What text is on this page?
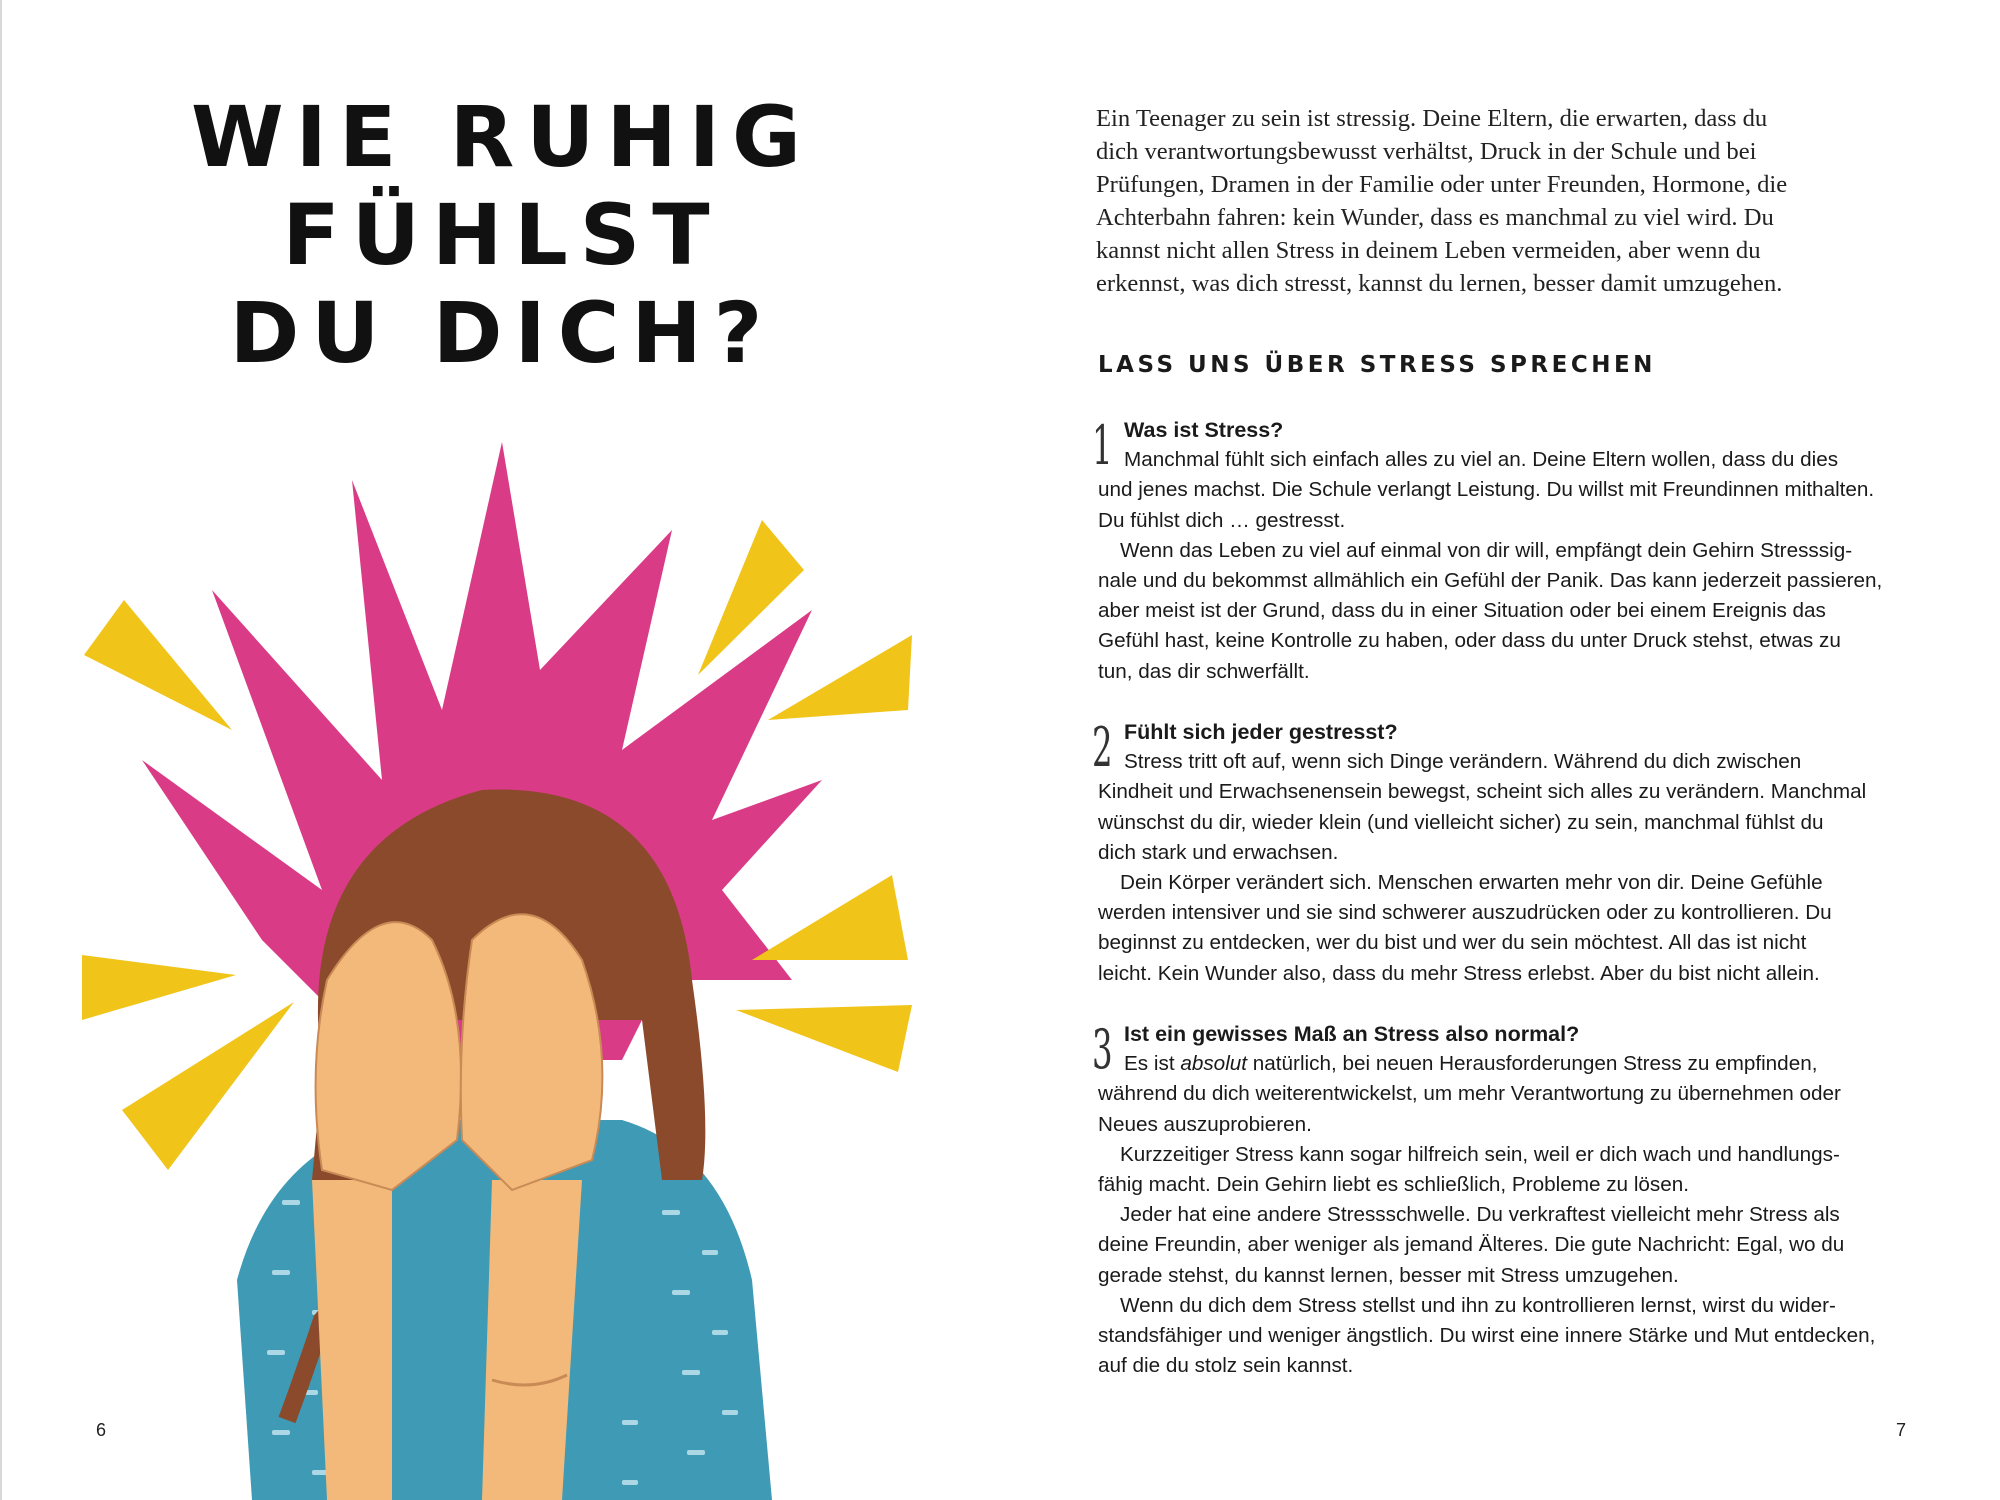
WIE RUHIG
FÜHLST
DU DICH?
6
Ein Teenager zu sein ist stressig. Deine Eltern, die erwarten, dass du
dich verantwortungsbewusst verhältst, Druck in der Schule und bei
Prüfungen, Dramen in der Familie oder unter Freunden, Hormone, die
Achterbahn fahren: kein Wunder, dass es manchmal zu viel wird. Du
kannst nicht allen Stress in deinem Leben vermeiden, aber wenn du
erkennst, was dich stresst, kannst du lernen, besser damit umzugehen.
LASS UNS ÜBER STRESS SPRECHEN
1 Was ist Stress?
Manchmal fühlt sich einfach alles zu viel an. Deine Eltern wollen, dass du dies
und jenes machst. Die Schule verlangt Leistung. Du willst mit Freundinnen mithalten.
Du fühlst dich … gestresst.
Wenn das Leben zu viel auf einmal von dir will, empfängt dein Gehirn Stresssig-
nale und du bekommst allmählich ein Gefühl der Panik. Das kann jederzeit passieren,
aber meist ist der Grund, dass du in einer Situation oder bei einem Ereignis das
Gefühl hast, keine Kontrolle zu haben, oder dass du unter Druck stehst, etwas zu
tun, das dir schwerfällt.
2 Fühlt sich jeder gestresst?
Stress tritt oft auf, wenn sich Dinge verändern. Während du dich zwischen
Kindheit und Erwachsenensein bewegst, scheint sich alles zu verändern. Manchmal
wünschst du dir, wieder klein (und vielleicht sicher) zu sein, manchmal fühlst du
dich stark und erwachsen.
Dein Körper verändert sich. Menschen erwarten mehr von dir. Deine Gefühle
werden intensiver und sie sind schwerer auszudrücken oder zu kontrollieren. Du
beginnst zu entdecken, wer du bist und wer du sein möchtest. All das ist nicht
leicht. Kein Wunder also, dass du mehr Stress erlebst. Aber du bist nicht allein.
3 Ist ein gewisses Maß an Stress also normal?
Es ist absolut natürlich, bei neuen Herausforderungen Stress zu empfinden,
während du dich weiterentwickelst, um mehr Verantwortung zu übernehmen oder
Neues auszuprobieren.
Kurzzeitiger Stress kann sogar hilfreich sein, weil er dich wach und handlungs-
fähig macht. Dein Gehirn liebt es schließlich, Probleme zu lösen.
Jeder hat eine andere Stressschwelle. Du verkraftest vielleicht mehr Stress als
deine Freundin, aber weniger als jemand Älteres. Die gute Nachricht: Egal, wo du
gerade stehst, du kannst lernen, besser mit Stress umzugehen.
Wenn du dich dem Stress stellst und ihn zu kontrollieren lernst, wirst du wider-
standsfähiger und weniger ängstlich. Du wirst eine innere Stärke und Mut entdecken,
auf die du stolz sein kannst.
7
